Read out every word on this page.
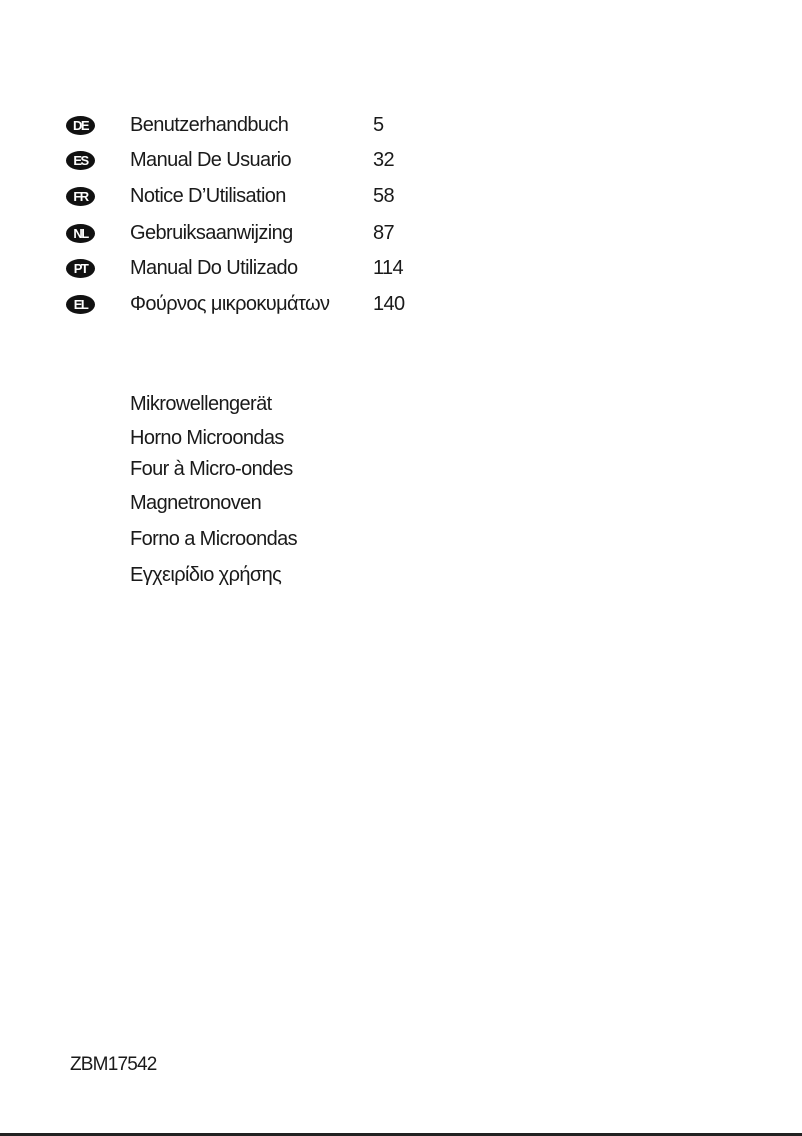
DE	Benutzerhandbuch	5
ES	Manual De Usuario	32
FR	Notice D’Utilisation	58
NL	Gebruiksaanwijzing	87
PT	Manual Do Utilizado	114
EL	Φούρνος μικροκυμάτων 140
Mikrowellengerät
Horno Microondas
Four à Micro-ondes
Magnetronoven
Forno a Microondas
Εγχειρίδιο χρήσης
ZBM17542
